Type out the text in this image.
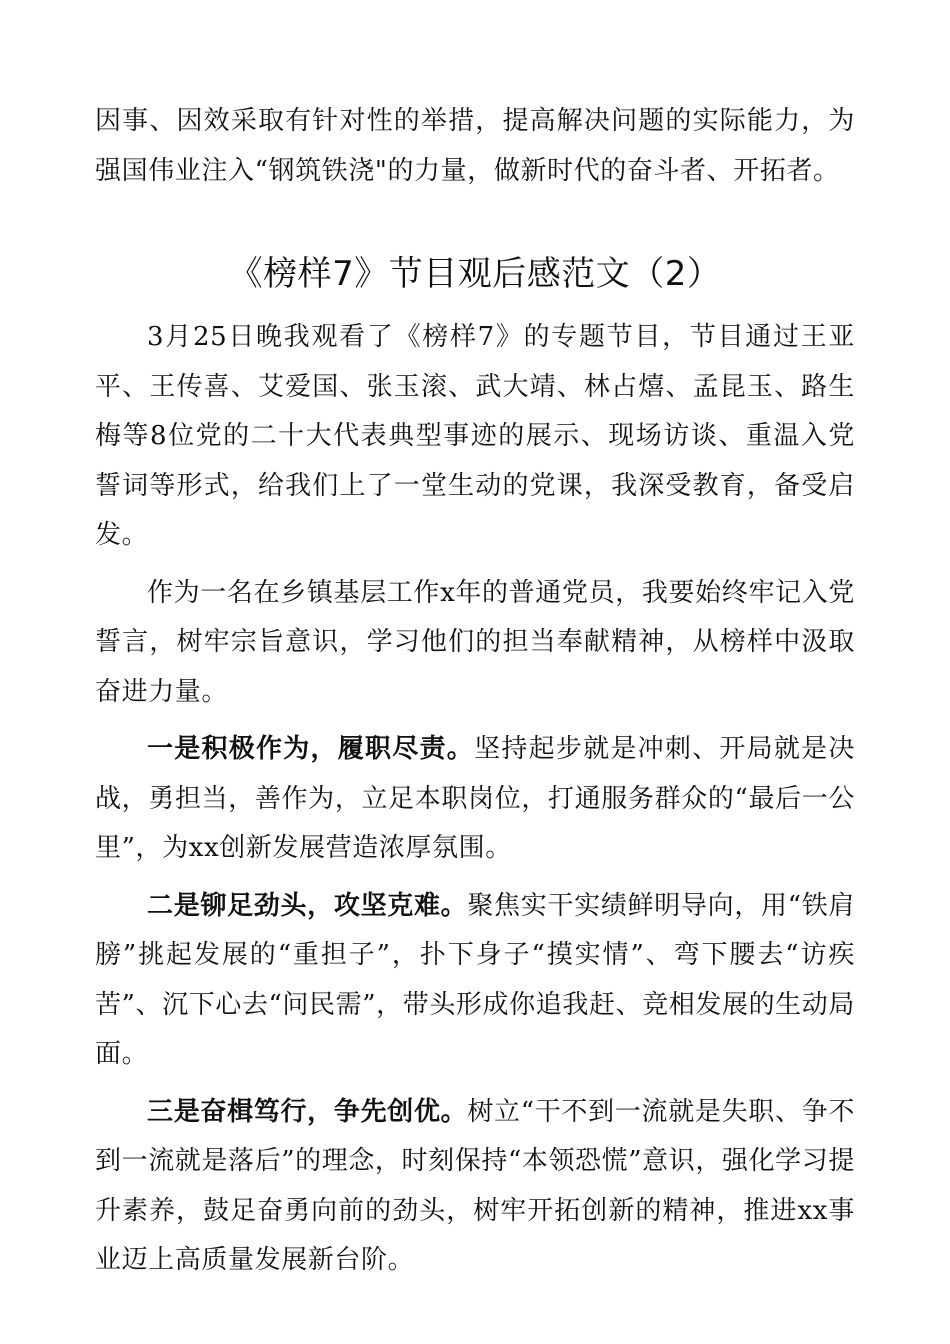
因事、因效采取有针对性的举措，提高解决问题的实际能力，为强国伟业注入“钢筑铁浇"的力量，做新时代的奋斗者、开拓者。

《榜样7》节目观后感范文（2）

3月25日晚我观看了《榜样7》的专题节目，节目通过王亚平、王传喜、艾爱国、张玉滚、武大靖、林占熺、孟昆玉、路生梅等8位党的二十大代表典型事迹的展示、现场访谈、重温入党誓词等形式，给我们上了一堂生动的党课，我深受教育，备受启发。

作为一名在乡镇基层工作x年的普通党员，我要始终牢记入党誓言，树牢宗旨意识，学习他们的担当奉献精神，从榜样中汲取奋进力量。

一是积极作为，履职尽责。坚持起步就是冲刺、开局就是决战，勇担当，善作为，立足本职岗位，打通服务群众的“最后一公里”，为xx创新发展营造浓厚氛围。

二是铆足劲头，攻坚克难。聚焦实干实绩鲜明导向，用“铁肩膀”挑起发展的“重担子”，扑下身子“摸实情”、弯下腰去“访疾苦”、沉下心去“问民需”，带头形成你追我赶、竞相发展的生动局面。

三是奋楫笃行，争先创优。树立“干不到一流就是失职、争不到一流就是落后”的理念，时刻保持“本领恐慌”意识，强化学习提升素养，鼓足奋勇向前的劲头，树牢开拓创新的精神，推进xx事业迈上高质量发展新台阶。
